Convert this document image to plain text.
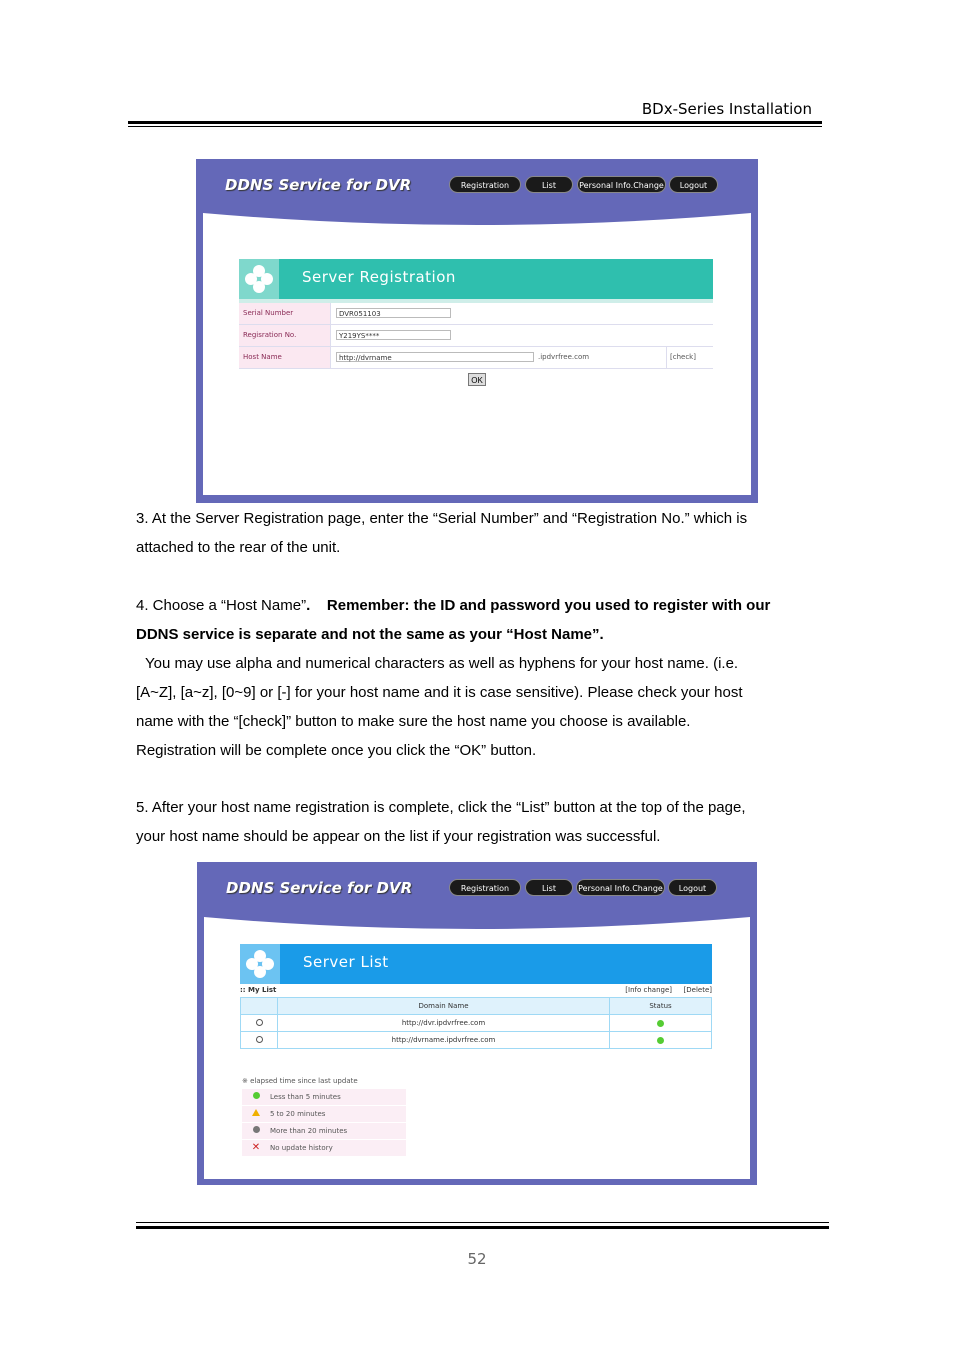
BDx-Series Installation
DDNS Service for DVR	Registration	List	Personal Info.Change	Logout
Server Registration
Serial Number	DVR051103
Regisration No.	Y219YS****
Host Name	http://dvrname	.ipdvrfree.com	[check]
OK
3. At the Server Registration page, enter the “Serial Number” and “Registration No.” which is
attached to the rear of the unit.
4. Choose a “Host Name”. Remember: the ID and password you used to register with our
DDNS service is separate and not the same as your “Host Name”.
You may use alpha and numerical characters as well as hyphens for your host name. (i.e.
[A~Z], [a~z], [0~9] or [-] for your host name and it is case sensitive). Please check your host
name with the “[check]” button to make sure the host name you choose is available.
Registration will be complete once you click the “OK” button.
5. After your host name registration is complete, click the “List” button at the top of the page,
your host name should be appear on the list if your registration was successful.
DDNS Service for DVR	Registration	List	Personal Info.Change	Logout
Server List
:: My List	[Info change] [Delete]
Domain Name	Status
http://dvr.ipdvrfree.com
http://dvrname.ipdvrfree.com
※ elapsed time since last update
Less than 5 minutes
5 to 20 minutes
More than 20 minutes
✕ No update history
52
